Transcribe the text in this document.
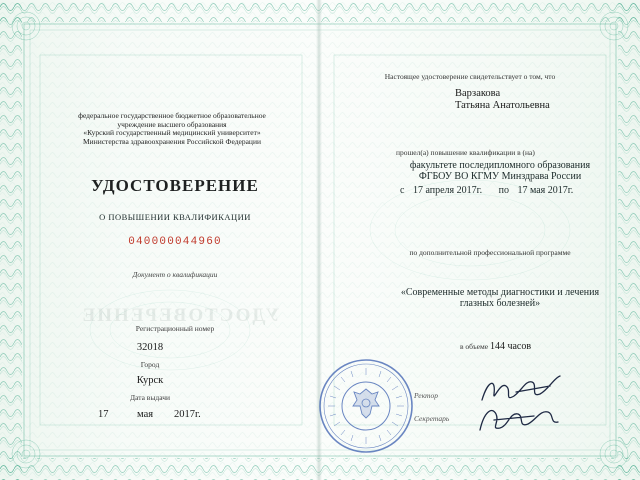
федеральное государственное бюджетное образовательное
учреждение высшего образования
«Курский государственный медицинский университет»
Министерства здравоохранения Российской Федерации
УДОСТОВЕРЕНИЕ
О ПОВЫШЕНИИ КВАЛИФИКАЦИИ
040000044960
Документ о квалификации
УДОСТОВЕРЕНИЕ
Регистрационный номер
32018
Город
Курск
Дата выдачи
17	мая 2017г.
Настоящее удостоверение свидетельствует о том, что
Варзакова
Татьяна Анатольевна
прошел(а) повышение квалификации в (на)
факультете последипломного образования
ФГБОУ ВО КГМУ Минздрава России
с 17 апреля 2017г. по 17 мая 2017г.
по дополнительной профессиональной программе
«Современные методы диагностики и лечения
глазных болезней»
в объеме 144 часов
Ректор
Секретарь
